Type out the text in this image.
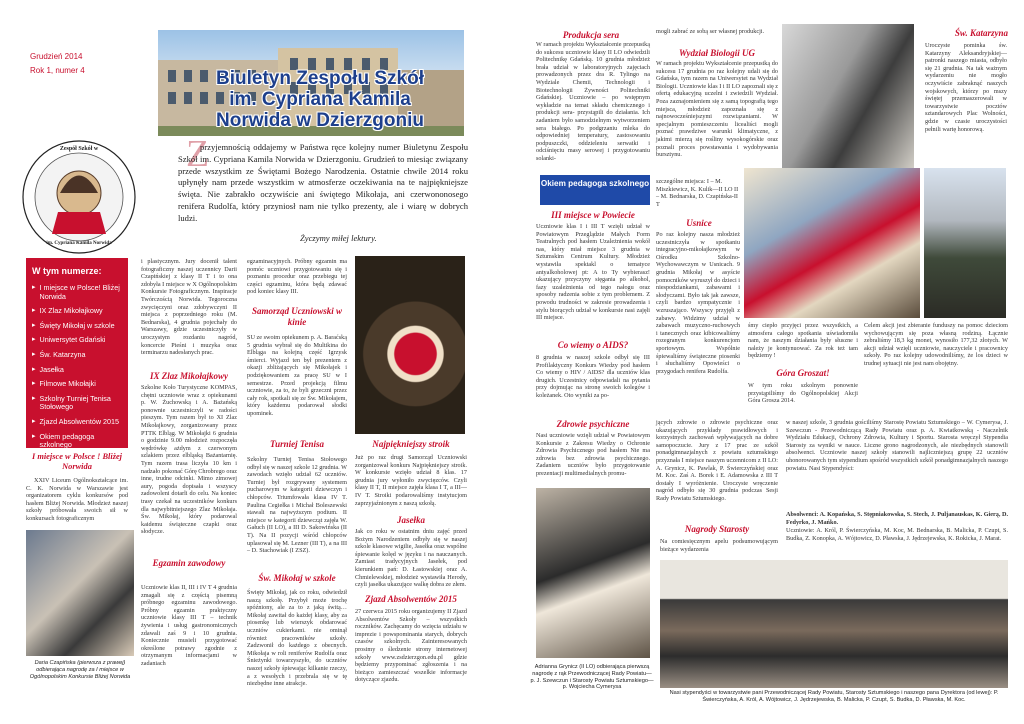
Grudzień 2014
Rok 1, numer 4	Biuletyn Zespołu Szkół
im. Cypriana Kamila
Norwida w Dzierzgoniu
Zespół Szkół w
im. Cypriana Kamila Norwida
Z
przyjemnością oddajemy w Państwa ręce kolejny numer Biuletynu Zespołu Szkół im. Cypriana Kamila Norwida w Dzierzgoniu. Grudzień to miesiąc związany przede wszystkim ze Świętami Bożego Narodzenia. Ostatnie chwile 2014 roku upłynęły nam przede wszystkim w atmosferze oczekiwania na te najpiękniejsze święta. Nie zabrakło oczywiście ani świętego Mikołaja, ani czerwononosego renifera Rudolfa, który przyniosł nam nie tylko prezenty, ale i wiarę w dobrych ludzi.
Życzymy miłej lektury.
W tym numerze:
▸ I miejsce w Polsce! Bliżej Norwida
▸ IX Zlaz Mikołajkowy
▸ Święty Mikołaj w szkole
▸ Uniwersytet Gdański
▸ Św. Katarzyna
▸ Jasełka
▸ Filmowe Mikołajki
▸ Szkolny Turniej Tenisa Stołowego
▸ Zjazd Absolwentów 2015
▸ Okiem pedagoga szkolnego
I miejsce w Polsce ! Bliżej Norwida
XXIV Liceum Ogólnokształcące im. C. K. Norwida w Warszawie jest organizatorem cyklu konkursów pod hasłem Bliżej Norwida. Młodzież naszej szkoły próbowała swoich sił w konkursach fotograficznym
Daria Czapińska (pierwsza z prawej) odbierająca nagrodę za I miejsce w Ogólnopolskim Konkursie Bliżej Norwida
i plastycznym. Jury docenił talent fotograficzny naszej uczennicy Darii Czapińskiej z klasy II T i to ona zdobyła I miejsce w X Ogólnopolskim Konkursie Fotograficznym. Inspiracje Twórczością Norwida. Tegoroczna zwycięczyni oraz zdobywczyni II miejsca z poprzedniego roku (M. Bednarska), 4 grudnia pojechały do Warszawy, gdzie uczestniczyły w uroczystym rozdaniu nagród, koncercie Pieśni i muzyka oraz terminarzu nadesłanych prac.
IX Zlaz Mikołajkowy
Szkolne Koło Turystyczne KOMPAS, chętni uczniowie wraz z opiekunami p. W. Żuchowską i A. Bażańską ponownie uczestniczyli w radości pieszym. Tym razem był to XI Zlaz Mikołajkowy, zorganizowany przez PTTK Elbląg. W Mikołajki 6 grudnia o godzinie 9.00 młodzież rozpoczęła wędrówkę ażdym z czerwonym szlakiem przez elbląską Bażantarnię. Tym razem trasa liczyła 10 km i nadzało pokonać Górę Chrobrego oraz inne, trudne odcinki. Mimo zimowej aury, pogoda dopisała i wszyscy zadowoleni dotarli do celu. Na koniec trasy czekał na uczestników konkurs dla najwybitniejszego Zlaz Mikołaja. Św. Mikołaj, który podarowal kaidemu świąteczne czapki oraz słodycze.
Egzamin zawodowy
Uczniowie klas II, III i IV T 4 grudnia zmagali się z częścią pisemną próbnego egzaminu zawodowego. Próbny egzamin praktyczny uczniowie klasy III T – technik żywienia i usług gastronomicznych zdawali zaś 9 i 10 grudnia. Koniecznie musieli przygotować określone potrawy zgodnie z otrzymanym informacjami w zadaniach
egzaminacyjnych. Próbny egzamin ma pomóc uczniowi przygotowaniu się i poznaniu procedur oraz przebiegu tej części egzaminu, która będą zdawać pod koniec klasy III.
Samorząd Uczniowski w kinie
SU ze swoim opiekunem p. A. Baraćską 5 grudnia wybrał się do Multikina do Elbląga na kolejną część Igrzysk śmierci. Wyjazd ten był prezentem z okazji zbliżających się Mikołajek i podziękowaniem za pracę SU w I semestrze. Przed projekcją filmu uczniowie, za to, że byli grzeczni przez cały rok, spotkali się ze Św. Mikołajem, który każdemu podarował słodki upominek.
Turniej Tenisa
Szkolny Turniej Tenisa Stołowego odbył się w naszej szkole 12 grudnia. W zawodach wzięło udział 62 uczniów. Turniej był rozgrywany systemem pucharowym w kategorii dziewczyn i chłopców. Triumfowała klasa IV T. Paulina Cegiełka i Michał Boleszewski stawali na najwyższym podium. II miejsce w kategorii dziewcząt zajęła W. Gałuch (II LO), a III D. Sakowińska (II T). Na II pozycji wśród chłopców uplasował się M. Lezner (III T), a na III – D. Stachowiak (I ZSZ).
Św. Mikołaj w szkole
Święty Mikołaj, jak co roku, odwiedził naszą szkołę. Przybył może trochę spóźniony, ale za to z jaką świtą… Mikołaj zawitał do każdej klasy, aby za piosenkę lub wierszyk obdarować uczniów cukierkami. nie ominął również pracowników szkoły. Zadzwonił do każdego z obecnych. Mikołaja w roli reniferów Rudolfa oraz Śnieżynki towarzyszyło, do uczniów naszej szkoły śpiewając kilkanie rzeczy, a z wesołych i przebrala się w tę niezbędne inne atrakcje.
Najpiękniejszy stroik
Już po raz drugi Samorząd Uczniowski zorganizował konkurs Najpiękniejszy stroik. W konkursie wzięło udział 8 klas. 17 grudnia jury wyłoniło zwycięzców. Czyli klasy II T, II miejsce zajęła klasa I T, a III—IV T. Stroiki podarowaliśmy instytucjom zaprzyjaźnionym z naszą szkołą.
Jasełka
Jak co roku w ostatnim dniu zajęć przed Bożym Narodzeniem odbyły się w naszej szkole klasowe wigilie, Jasełka oraz wspólne śpiewanie kolęd w języku i na nauczanych. Zamiast tradycyjnych Jasełek, pod kierunkiem pań: D. Łastowskiej oraz A. Chmielewskiej, młodzież wystawiła Herody, czyli jasełka ukazujące walkę dobra ze złem.
Zjazd Absolwentów 2015
27 czerwca 2015 roku organizujemy II Zjazd Absolwentów Szkoły – wszystkich roczników. Zachęcamy do wzięcia udziału w imprezie i powspominania starych, dobrych czasów szkolnych. Zainteresowanych prosimy o śledzenie strony internetowej szkoły www.zsdzierzgon.edu.pl gdzie będziemy przypominać zgłoszenia i na bieżąco zamieszczać wszelkie informacje dotyczące zjazdu.
Produkcja sera
W ramach projektu Wykształcenie przepustką do sukcesu uczniowie klasy II LO odwiedzili Politechnikę Gdańską. 10 grudnia młodzież brała udział w laboratoryjnych zajęciach prowadzonych przez dra R. Tylingo na Wydziale Chemii, Technologii i Biotechnologii Żywności Politechniki Gdańskiej. Uczniowie – po wstępnym wykładzie na temat składu chemicznego i produkcji sera- przystąpili do działania. Ich zadaniem było samodzielnym wytworzeniem sera białego. Po podgrzaniu mleka do odpowiedniej temperatury, zastosowaniu podpuszczki, oddzieleniu serwatki i odciśnięciu masy serowej i przygotowaniu solanki-
Okiem pedagoga szkolnego
III miejsce w Powiecie
Uczniowie klas I i III T wzięli udział w Powiatowym Przeglądzie Małych Form Teatralnych pod hasłem Uzależnienia wokół nas, który miał miejsce 3 grudnia w Sztumskim Centrum Kultury. Młodzież wystawiła spektakl o tematyce antyalkoholowej pt: A to Ty wybierasz! ukazujący przyczyny sięgania po alkohol, fazy uzależnienia od tego nałogu oraz sposoby radzenia sobie z tym problemem. Z powodu trudności w zakresie prowadzenia i stylu biorących udział w konkursie nasi zajęli III miejsce.
Co wiemy o AIDS?
8 grudnia w naszej szkole odbył się III Profilaktyczny Konkurs Wiedzy pod hasłem Co wiemy o HIV / AIDS? dla uczniów klas drugich. Uczestnicy odpowiadali na pytania przy dojmując na stronę swoich kolegów i koleżanek. Oto wyniki za po-
Zdrowie psychiczne
Nasi uczniowie wzięli udział w Powiatowym Konkursie z Zakresu Wiedzy o Ochronie Zdrowia Psychicznego pod hasłem Nie ma zdrowia bez zdrowia psychicznego. Zadaniem uczniów było przygotowanie prezentacji multimedialnych promu-
Adrianna Grynicz (II LO) odbierająca pierwszą nagrodę z rąk Przewodniczącej Rady Powiatu— p. J. Szewczun i Starosty Powiatu Sztumskiego— p. Wojciecha Cymerysa
mogli zabrać ze sobą ser własnej produkcji.
Wydział Biologii UG
W ramach projektu Wykształcenie przepustką do sukcesu 17 grudnia po raz kolejny udali się do Gdańska, tym razem na Uniwersytet na Wydział Biologii. Uczniowie klas I i II LO zapoznali się z ofertą edukacyjną uczelni i zwiedzili Wydział. Poza zaznajomieniem się z samą topografią tego miejsca, młodzież zapoznała się z najnowocześniejszymi rozwiązaniami. W specjalnym pomieszczeniu licealiści mogli poznać prawdziwe warunki klimatyczne, z jakimi mierzą się rośliny wysokogórskie oraz poznali proces powstawania i wydobywania bursztynu.
szczególne miejsca: I – M. Miszkiewicz, K. Kulik—II LO II – M. Bednarska, D. Czapińska-II T
Usnice
Po raz kolejny nasza młodzież uczestniczyła w spotkaniu integracyjno-mikołajkowym w Ośrodku Szkolno-Wychowawczym w Usnicach. 9 grudnia Mikołaj w asyście pomocników wyruszył do dzieci i niespodziankami, zabawami i słodyczami. Było tak jak zawsze, czyli bardzo sympatycznie i wzruszająco. Wszyscy przyjęli z zabawy. Widzimy udział w zabawach muzyczno-ruchowych i tanecznych oraz kibicowaliśmy rozegranym konkurencjom sportowym. Wspólnie śpiewaliśmy świąteczne piosenki i słuchaliśmy Opowieści o przygodach renifera Rudolfa.
jących zdrowie o zdrowie psychiczne oraz ukazujących przykłady prawidłowych i korzystnych zachowań wpływających na dobre samopoczucie. Jury z 17 prac ze szkół ponadgimnazjalnych z powiatu sztumskiego przyznała I miejsce naszym uczennicom z II LO: A. Grynicz, K. Pawlak, P. Świerczyńskiej oraz M. Koc. Zaś A. Borek i E. Adamowska z III T dostały I wyróżnienie. Uroczyste wręczenie nagród odbyło się 30 grudnia podczas Sesji Rady Powiatu Sztumskiego.
Nagrody Starosty
Na comiesięcznym apelu podsumowującym bieżące wydarzenia
śmy ciepło przyjęci przez wszystkich, a atmosfera całego spotkania uświadomiła nam, że naszym działania były słuszne i należy je kontynuować. Za rok też tam będziemy !
Góra Groszat!
W tym roku szkolnym ponownie przystąpiliśmy do Ogólnopolskiej Akcji Góra Grosza 2014.
w naszej szkole, 3 grudnia gościliśmy Starostę Powiatu Sztumskiego – W. Cymerysa, J. Szewczun - Przewodniczącą Rady Powiatu oraz p. A. Kwiatkowską - Naczelnik Wydziału Edukacji, Ochrony Zdrowia, Kultury i Sportu. Starosta wręczył Stypendia Starosty za wyniki w nauce. Liczne grono nagrodzonych, ale niezbędnych stanowili absolwenci. Uczniowie naszej szkoły stanowili najliczniejszą grupę 22 uczniów uhonorowanych tym stypendium spośród wszystkich szkół ponadgimnazjalnych naszego powiatu. Nasi Stypendyści:
Absolwenci: A. Kopańska, S. Stępniakowska, S. Stech, J. Puljanauskas, K. Gierą, D. Fedyrko, J. Mańko.
Uczniowie: A. Król, P. Świerczyńska, M. Koc, M. Bednarska, B. Malicka, P. Czupt, S. Budka, Z. Konopka, A. Wójtowicz, D. Pławska, J. Jędrzejewska, K. Rokicka, J. Marat.
Św. Katarzyna
Uroczyste pominka św. Katarzyny Aleksandryjskiej—patronki naszego miasta, odbyło się 21 grudnia. Na tak ważnym wydarzeniu nie mogło oczywiście zabraknąć naszych wojskowych, którzy po mszy świętej przemaszerowali w towarzystwie pocztów sztandarowych Plac Wolności, gdzie w czasie uroczystości pełnili wartę honorową.
Celem akcji jest zbieranie funduszy na pomoc dzieciom wychowującym się poza własną rodziną. Łącznie zebraliśmy 18,3 kg monet, wynosiło 177,32 złotych. W akcji udział wzięli uczniowie, nauczyciele i pracownicy szkoły. Po raz kolejny udowodniliśmy, że los dzieci w trudnej sytuacji nie jest nam obojętny.
Nasi stypendyści w towarzystwie pani Przewodniczącej Rady Powiatu, Starosty Sztumskiego i naszego pana Dyrektora (od lewej): P. Świerczyńska, A. Król, A. Wójtowicz, J. Jędrzejewska, B. Malicka, P. Czupt, S. Budka, D. Pławska, M. Koc.
